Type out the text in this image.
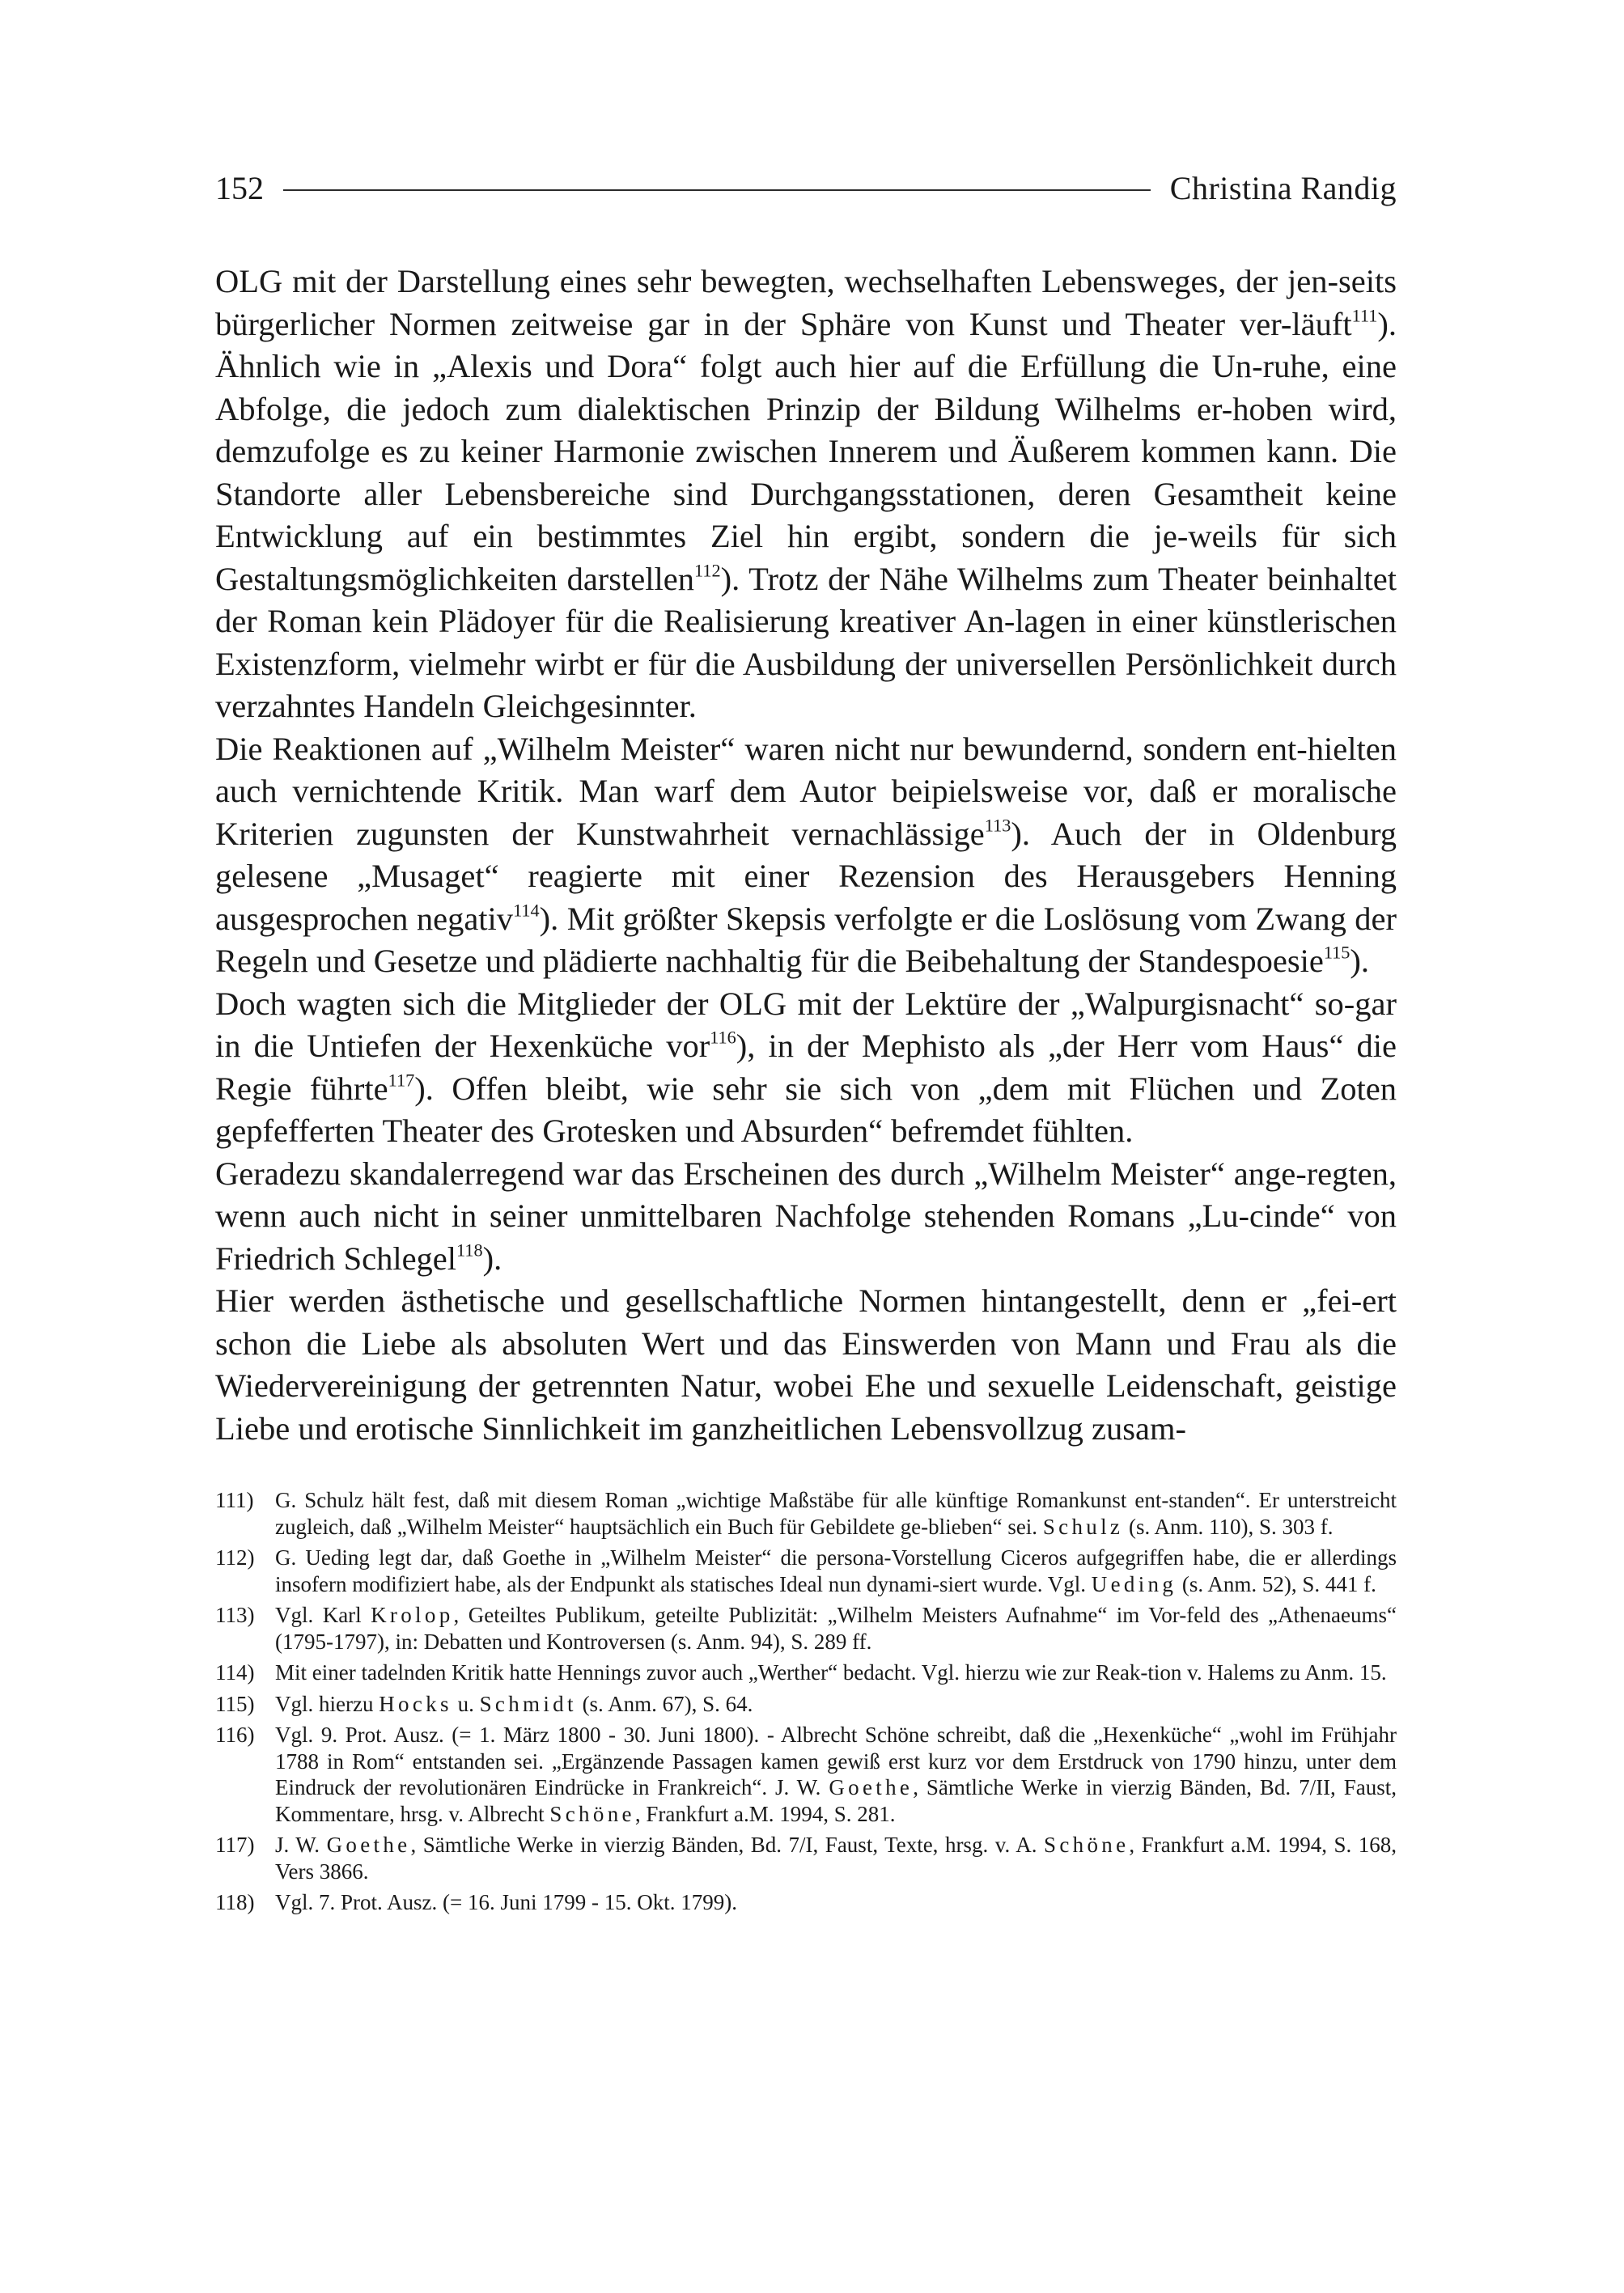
152	Christina Randig

OLG mit der Darstellung eines sehr bewegten, wechselhaften Lebensweges, der jen-seits bürgerlicher Normen zeitweise gar in der Sphäre von Kunst und Theater ver-läuft$^{111}$). Ähnlich wie in „Alexis und Dora“ folgt auch hier auf die Erfüllung die Un-ruhe, eine Abfolge, die jedoch zum dialektischen Prinzip der Bildung Wilhelms er-hoben wird, demzufolge es zu keiner Harmonie zwischen Innerem und Äußerem kommen kann. Die Standorte aller Lebensbereiche sind Durchgangsstationen, deren Gesamtheit keine Entwicklung auf ein bestimmtes Ziel hin ergibt, sondern die je-weils für sich Gestaltungsmöglichkeiten darstellen$^{112}$). Trotz der Nähe Wilhelms zum Theater beinhaltet der Roman kein Plädoyer für die Realisierung kreativer An-lagen in einer künstlerischen Existenzform, vielmehr wirbt er für die Ausbildung der universellen Persönlichkeit durch verzahntes Handeln Gleichgesinnter.

Die Reaktionen auf „Wilhelm Meister“ waren nicht nur bewundernd, sondern ent-hielten auch vernichtende Kritik. Man warf dem Autor beipielsweise vor, daß er moralische Kriterien zugunsten der Kunstwahrheit vernachlässige$^{113}$). Auch der in Oldenburg gelesene „Musaget“ reagierte mit einer Rezension des Herausgebers Henning ausgesprochen negativ$^{114}$). Mit größter Skepsis verfolgte er die Loslösung vom Zwang der Regeln und Gesetze und plädierte nachhaltig für die Beibehaltung der Standespoesie$^{115}$).

Doch wagten sich die Mitglieder der OLG mit der Lektüre der „Walpurgisnacht“ so-gar in die Untiefen der Hexenküche vor$^{116}$), in der Mephisto als „der Herr vom Haus“ die Regie führte$^{117}$). Offen bleibt, wie sehr sie sich von „dem mit Flüchen und Zoten gepfefferten Theater des Grotesken und Absurden“ befremdet fühlten.

Geradezu skandalerregend war das Erscheinen des durch „Wilhelm Meister“ ange-regten, wenn auch nicht in seiner unmittelbaren Nachfolge stehenden Romans „Lu-cinde“ von Friedrich Schlegel$^{118}$).

Hier werden ästhetische und gesellschaftliche Normen hintangestellt, denn er „fei-ert schon die Liebe als absoluten Wert und das Einswerden von Mann und Frau als die Wiedervereinigung der getrennten Natur, wobei Ehe und sexuelle Leidenschaft, geistige Liebe und erotische Sinnlichkeit im ganzheitlichen Lebensvollzug zusam-

111) G. Schulz hält fest, daß mit diesem Roman „wichtige Maßstäbe für alle künftige Romankunst ent-standen“. Er unterstreicht zugleich, daß „Wilhelm Meister“ hauptsächlich ein Buch für Gebildete ge-blieben“ sei. Schulz (s. Anm. 110), S. 303 f.
112) G. Ueding legt dar, daß Goethe in „Wilhelm Meister“ die persona-Vorstellung Ciceros aufgegriffen habe, die er allerdings insofern modifiziert habe, als der Endpunkt als statisches Ideal nun dynami-siert wurde. Vgl. Ueding (s. Anm. 52), S. 441 f.
113) Vgl. Karl Krolop, Geteiltes Publikum, geteilte Publizität: „Wilhelm Meisters Aufnahme“ im Vor-feld des „Athenaeums“ (1795-1797), in: Debatten und Kontroversen (s. Anm. 94), S. 289 ff.
114) Mit einer tadelnden Kritik hatte Hennings zuvor auch „Werther“ bedacht. Vgl. hierzu wie zur Reak-tion v. Halems zu Anm. 15.
115) Vgl. hierzu Hocks u. Schmidt (s. Anm. 67), S. 64.
116) Vgl. 9. Prot. Ausz. (= 1. März 1800 - 30. Juni 1800). - Albrecht Schöne schreibt, daß die „Hexenküche“ „wohl im Frühjahr 1788 in Rom“ entstanden sei. „Ergänzende Passagen kamen gewiß erst kurz vor dem Erstdruck von 1790 hinzu, unter dem Eindruck der revolutionären Eindrücke in Frankreich“. J. W. Goethe, Sämtliche Werke in vierzig Bänden, Bd. 7/II, Faust, Kommentare, hrsg. v. Albrecht Schöne, Frankfurt a.M. 1994, S. 281.
117) J. W. Goethe, Sämtliche Werke in vierzig Bänden, Bd. 7/I, Faust, Texte, hrsg. v. A. Schöne, Frankfurt a.M. 1994, S. 168, Vers 3866.
118) Vgl. 7. Prot. Ausz. (= 16. Juni 1799 - 15. Okt. 1799).
